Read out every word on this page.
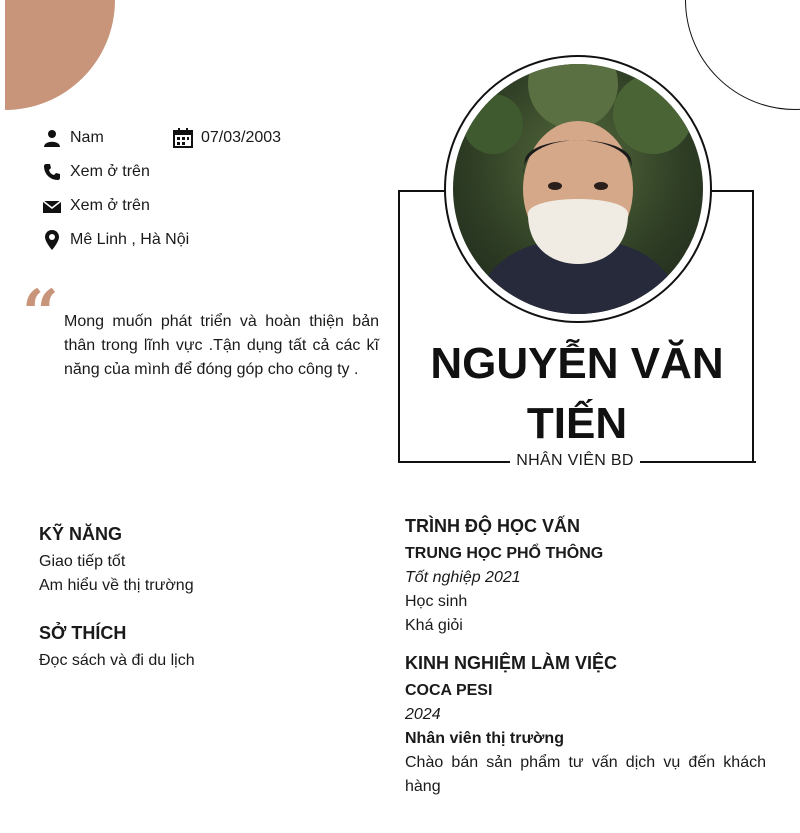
Nam	07/03/2003
Xem ở trên
Xem ở trên
Mê Linh , Hà Nội
“ Mong muốn phát triển và hoàn thiện bản thân trong lĩnh vực .Tận dụng tất cả các kĩ năng của mình để đóng góp cho công ty .	NGUYỄN VĂN
TIẾN
NHÂN VIÊN BD
KỸ NĂNG
Giao tiếp tốt
Am hiểu về thị trường
SỞ THÍCH
Đọc sách và đi du lịch
TRÌNH ĐỘ HỌC VẤN
TRUNG HỌC PHỔ THÔNG
Tốt nghiệp 2021
Học sinh
Khá giỏi
KINH NGHIỆM LÀM VIỆC
COCA PESI
2024
Nhân viên thị trường
Chào bán sản phẩm tư vấn dịch vụ đến khách hàng
